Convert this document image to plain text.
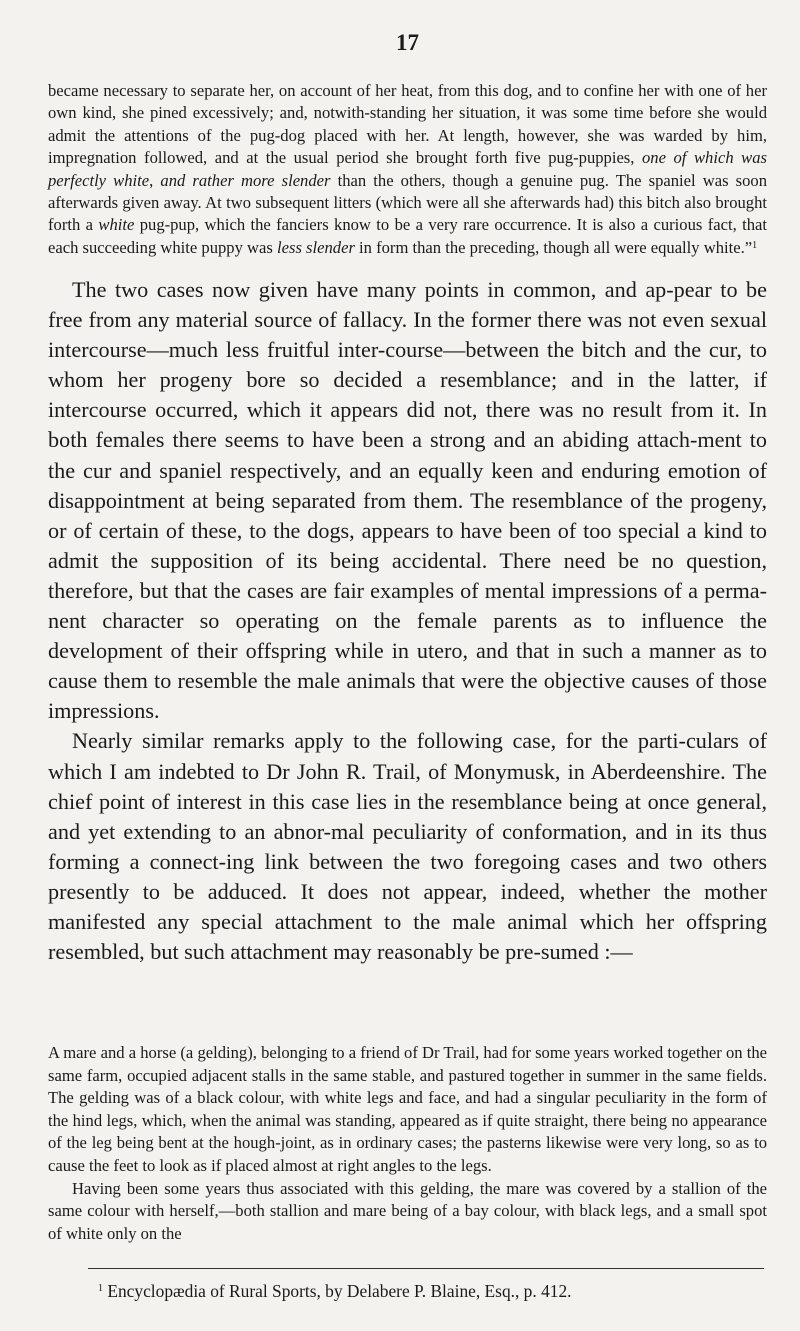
17
became necessary to separate her, on account of her heat, from this dog, and to confine her with one of her own kind, she pined excessively; and, notwith-standing her situation, it was some time before she would admit the attentions of the pug-dog placed with her. At length, however, she was warded by him, impregnation followed, and at the usual period she brought forth five pug-puppies, one of which was perfectly white, and rather more slender than the others, though a genuine pug. The spaniel was soon afterwards given away. At two subsequent litters (which were all she afterwards had) this bitch also brought forth a white pug-pup, which the fanciers know to be a very rare occurrence. It is also a curious fact, that each succeeding white puppy was less slender in form than the preceding, though all were equally white.”$^1$

The two cases now given have many points in common, and ap-pear to be free from any material source of fallacy. In the former there was not even sexual intercourse—much less fruitful inter-course—between the bitch and the cur, to whom her progeny bore so decided a resemblance; and in the latter, if intercourse occurred, which it appears did not, there was no result from it. In both females there seems to have been a strong and an abiding attach-ment to the cur and spaniel respectively, and an equally keen and enduring emotion of disappointment at being separated from them. The resemblance of the progeny, or of certain of these, to the dogs, appears to have been of too special a kind to admit the supposition of its being accidental. There need be no question, therefore, but that the cases are fair examples of mental impressions of a perma-nent character so operating on the female parents as to influence the development of their offspring while in utero, and that in such a manner as to cause them to resemble the male animals that were the objective causes of those impressions.

Nearly similar remarks apply to the following case, for the parti-culars of which I am indebted to Dr John R. Trail, of Monymusk, in Aberdeenshire. The chief point of interest in this case lies in the resemblance being at once general, and yet extending to an abnor-mal peculiarity of conformation, and in its thus forming a connect-ing link between the two foregoing cases and two others presently to be adduced. It does not appear, indeed, whether the mother manifested any special attachment to the male animal which her offspring resembled, but such attachment may reasonably be pre-sumed :—

A mare and a horse (a gelding), belonging to a friend of Dr Trail, had for some years worked together on the same farm, occupied adjacent stalls in the same stable, and pastured together in summer in the same fields. The gelding was of a black colour, with white legs and face, and had a singular peculiarity in the form of the hind legs, which, when the animal was standing, appeared as if quite straight, there being no appearance of the leg being bent at the hough-joint, as in ordinary cases; the pasterns likewise were very long, so as to cause the feet to look as if placed almost at right angles to the legs.

Having been some years thus associated with this gelding, the mare was covered by a stallion of the same colour with herself,—both stallion and mare being of a bay colour, with black legs, and a small spot of white only on the

$^1$ Encyclopædia of Rural Sports, by Delabere P. Blaine, Esq., p. 412.
